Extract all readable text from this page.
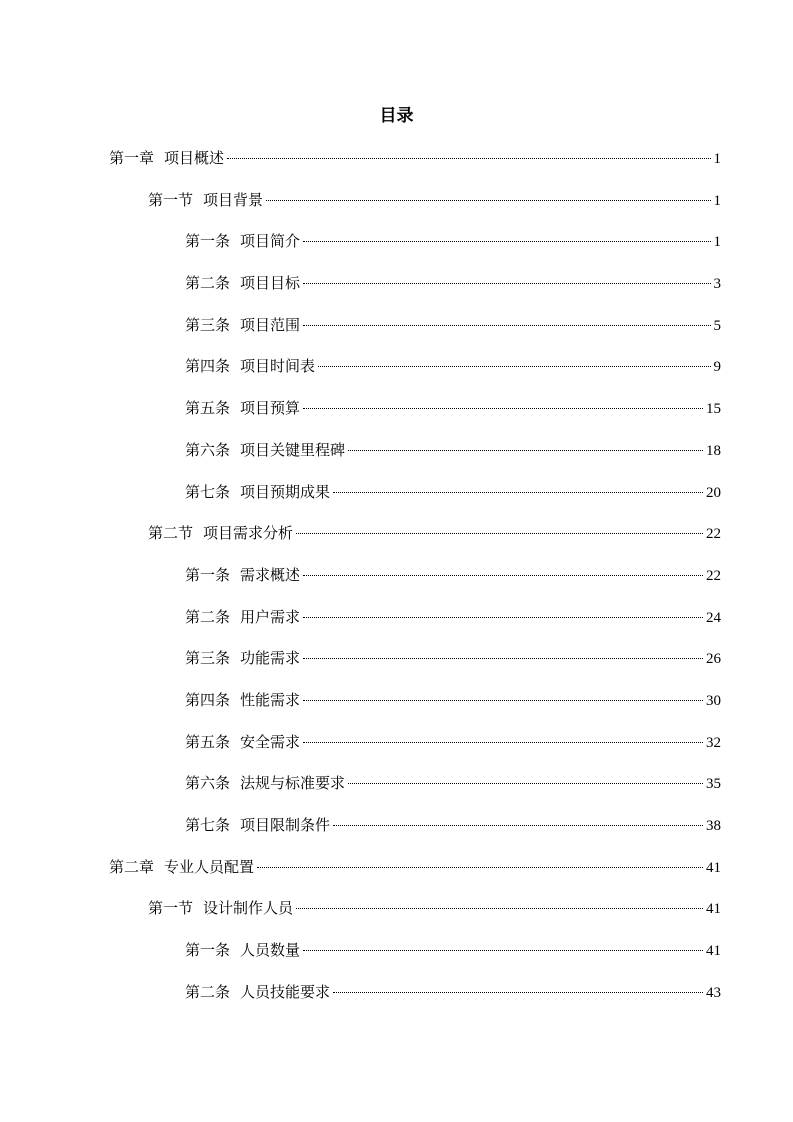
目录
第一章 项目概述	1
第一节 项目背景	1
第一条 项目简介	1
第二条 项目目标	3
第三条 项目范围	5
第四条 项目时间表	9
第五条 项目预算	15
第六条 项目关键里程碑	18
第七条 项目预期成果	20
第二节 项目需求分析	22
第一条 需求概述	22
第二条 用户需求	24
第三条 功能需求	26
第四条 性能需求	30
第五条 安全需求	32
第六条 法规与标准要求	35
第七条 项目限制条件	38
第二章 专业人员配置	41
第一节 设计制作人员	41
第一条 人员数量	41
第二条 人员技能要求	43
